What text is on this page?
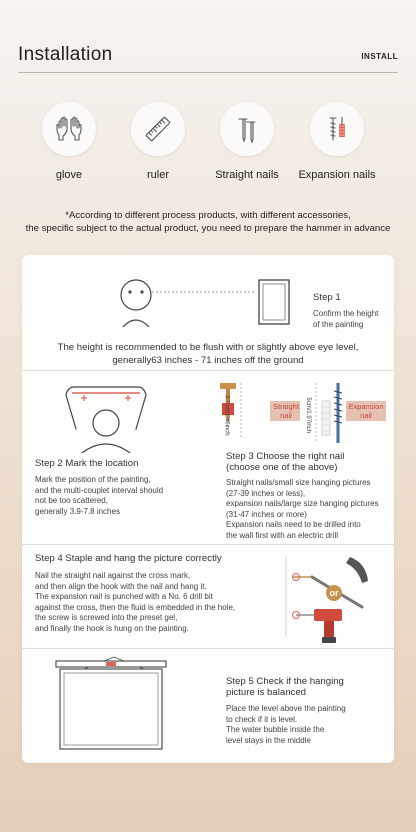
Installation	INSTALL
glove	ruler	Straight nails	Expansion nails
*According to different process products, with different accessories,
the specific subject to the actual product, you need to prepare the hammer in advance
Step 1
Confirm the height
of the painting
The height is recommended to be flush with or slightly above eye level,
generally63 inches - 71 inches off the ground
Step 2 Mark the location
Mark the position of the painting,
and the multi-couplet interval should
not be too scattered,
generally 3.9-7.8 inches
3.7cm/1.46inch	Straight
nail	5cm/1.97inch	Expansion
nail
Step 3 Choose the right nail
(choose one of the above)
Straight nails/small size hanging pictures
(27-39 inches or less),
expansion nails/large size hanging pictures
(31-47 inches or more)
Expansion nails need to be drilled into
the wall first with an electric drill
Step 4 Staple and hang the picture correctly
Nail the straight nail against the cross mark,
and then align the hook with the nail and hang it.
The expansion nail is punched with a No. 6 drill bit
against the cross, then the fluid is embedded in the hole,
the screw is screwed into the preset gel,
and finally the hook is hung on the painting.
or
Step 5 Check if the hanging
picture is balanced
Place the level above the painting
to check if it is level.
The water bubble inside the
level stays in the middle
